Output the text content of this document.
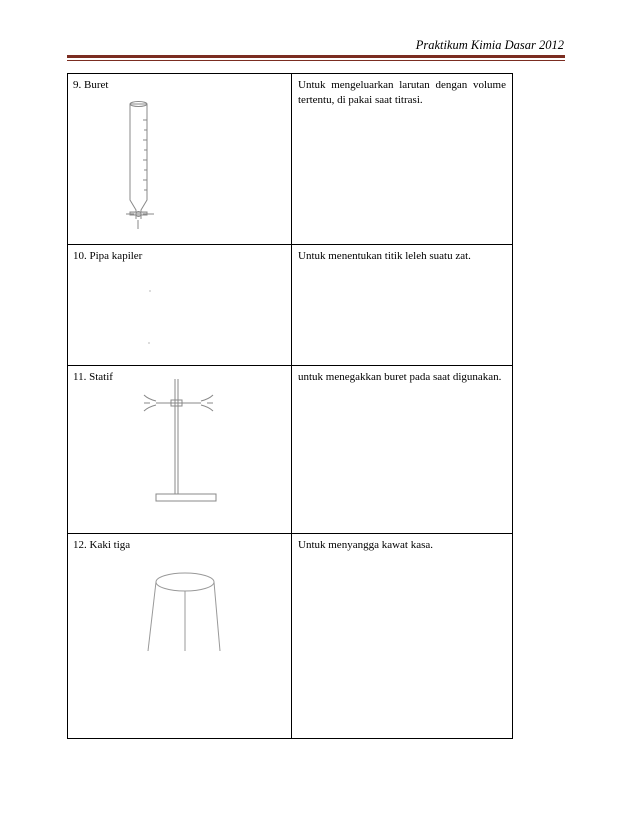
Praktikum Kimia Dasar 2012
9. Buret	Untuk mengeluarkan larutan dengan volume tertentu, di pakai saat titrasi.

10. Pipa kapiler	Untuk menentukan titik leleh suatu zat.

11. Statif	untuk menegakkan buret pada saat digunakan.

12. Kaki tiga	Untuk menyangga kawat kasa.
